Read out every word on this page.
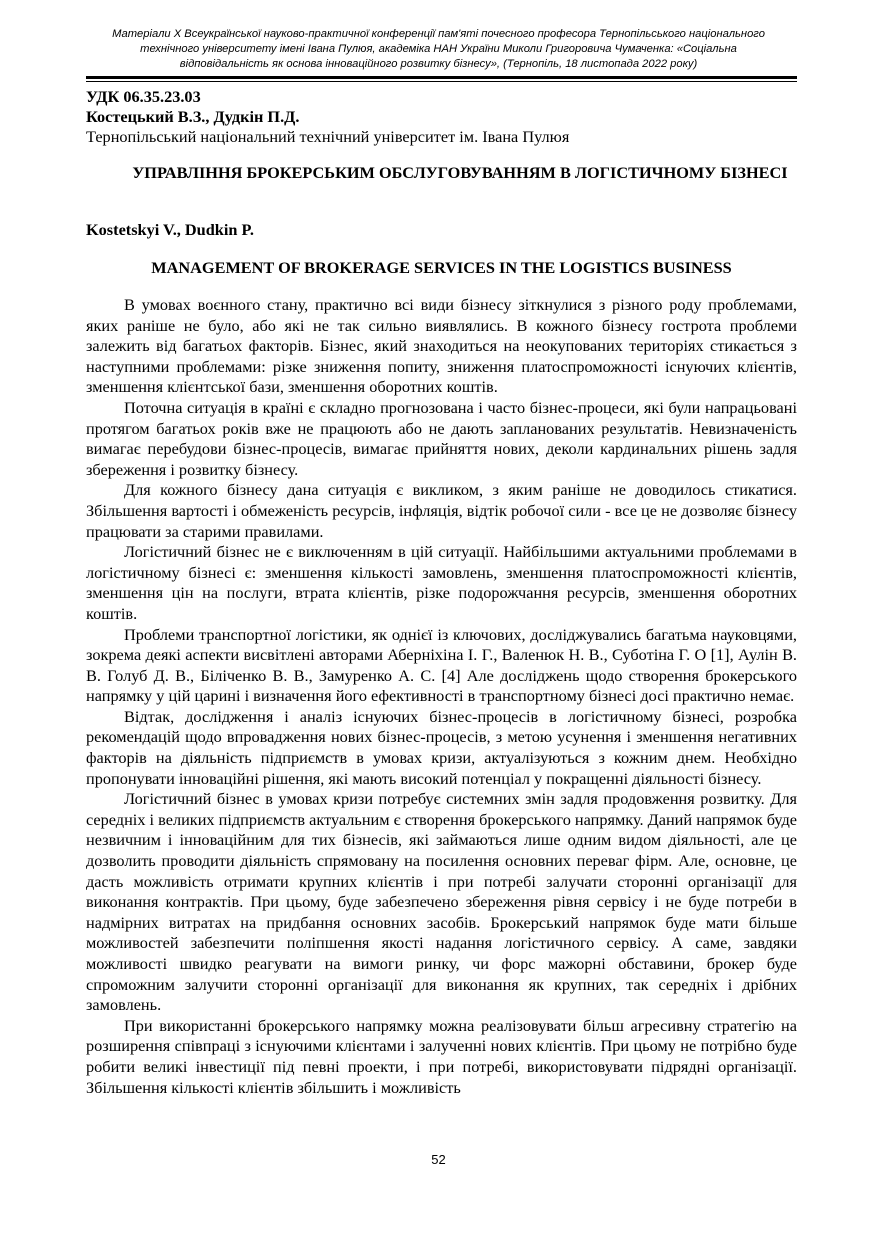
Матеріали Х Всеукраїнської науково-практичної конференції пам'яті почесного професора Тернопільського національного
технічного університету імені Івана Пулюя, академіка НАН України Миколи Григоровича Чумаченка: «Соціальна
відповідальність як основа інноваційного розвитку бізнесу», (Тернопіль, 18 листопада 2022 року)
УДК 06.35.23.03
Костецький В.З., Дудкін П.Д.
Тернопільський національний технічний університет ім. Івана Пулюя
УПРАВЛІННЯ БРОКЕРСЬКИМ ОБСЛУГОВУВАННЯМ В ЛОГІСТИЧНОМУ БІЗНЕСІ
Kostetskyi V., Dudkin P.
MANAGEMENT OF BROKERAGE SERVICES IN THE LOGISTICS BUSINESS

В умовах воєнного стану, практично всі види бізнесу зіткнулися з різного роду проблемами, яких раніше не було, або які не так сильно виявлялись. В кожного бізнесу гострота проблеми залежить від багатьох факторів. Бізнес, який знаходиться на неокупованих територіях стикається з наступними проблемами: різке зниження попиту, зниження платоспроможності існуючих клієнтів, зменшення клієнтської бази, зменшення оборотних коштів.

Поточна ситуація в країні є складно прогнозована і часто бізнес-процеси, які були напрацьовані протягом багатьох років вже не працюють або не дають запланованих результатів. Невизначеність вимагає перебудови бізнес-процесів, вимагає прийняття нових, деколи кардинальних рішень задля збереження і розвитку бізнесу.

Для кожного бізнесу дана ситуація є викликом, з яким раніше не доводилось стикатися. Збільшення вартості і обмеженість ресурсів, інфляція, відтік робочої сили - все це не дозволяє бізнесу працювати за старими правилами.

Логістичний бізнес не є виключенням в цій ситуації. Найбільшими актуальними проблемами в логістичному бізнесі є: зменшення кількості замовлень, зменшення платоспроможності клієнтів, зменшення цін на послуги, втрата клієнтів, різке подорожчання ресурсів, зменшення оборотних коштів.

Проблеми транспортної логістики, як однієї із ключових, досліджувались багатьма науковцями, зокрема деякі аспекти висвітлені авторами Аберніхіна І. Г., Валенюк Н. В., Суботіна Г. О [1], Аулін В. В. Голуб Д. В., Біліченко В. В., Замуренко А. С. [4] Але досліджень щодо створення брокерського напрямку у цій царині і визначення його ефективності в транспортному бізнесі досі практично немає.

Відтак, дослідження і аналіз існуючих бізнес-процесів в логістичному бізнесі, розробка рекомендацій щодо впровадження нових бізнес-процесів, з метою усунення і зменшення негативних факторів на діяльність підприємств в умовах кризи, актуалізуються з кожним днем. Необхідно пропонувати інноваційні рішення, які мають високий потенціал у покращенні діяльності бізнесу.

Логістичний бізнес в умовах кризи потребує системних змін задля продовження розвитку. Для середніх і великих підприємств актуальним є створення брокерського напрямку. Даний напрямок буде незвичним і інноваційним для тих бізнесів, які займаються лише одним видом діяльності, але це дозволить проводити діяльність спрямовану на посилення основних переваг фірм. Але, основне, це дасть можливість отримати крупних клієнтів і при потребі залучати сторонні організації для виконання контрактів. При цьому, буде забезпечено збереження рівня сервісу і не буде потреби в надмірних витратах на придбання основних засобів. Брокерський напрямок буде мати більше можливостей забезпечити поліпшення якості надання логістичного сервісу. А саме, завдяки можливості швидко реагувати на вимоги ринку, чи форс мажорні обставини, брокер буде спроможним залучити сторонні організації для виконання як крупних, так середніх і дрібних замовлень.

При використанні брокерського напрямку можна реалізовувати більш агресивну стратегію на розширення співпраці з існуючими клієнтами і залученні нових клієнтів. При цьому не потрібно буде робити великі інвестиції під певні проекти, і при потребі, використовувати підрядні організації. Збільшення кількості клієнтів збільшить і можливість

52
